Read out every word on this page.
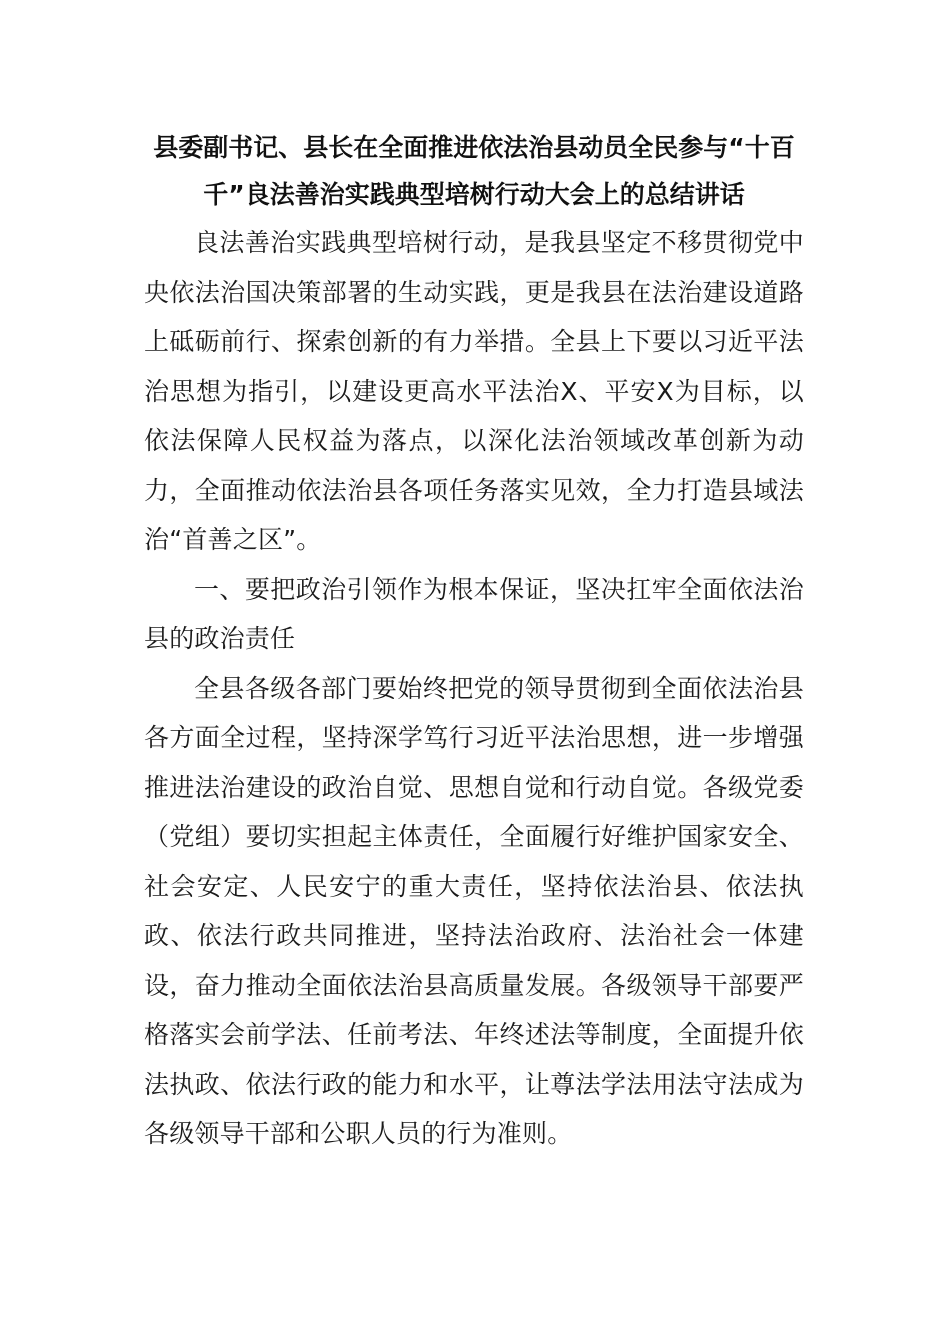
县委副书记、县长在全面推进依法治县动员全民参与“十百
千”良法善治实践典型培树行动大会上的总结讲话

良法善治实践典型培树行动，是我县坚定不移贯彻党中央依法治国决策部署的生动实践，更是我县在法治建设道路上砥砺前行、探索创新的有力举措。全县上下要以习近平法治思想为指引，以建设更高水平法治X、平安X为目标，以依法保障人民权益为落点，以深化法治领域改革创新为动力，全面推动依法治县各项任务落实见效，全力打造县域法治“首善之区”。

一、要把政治引领作为根本保证，坚决扛牢全面依法治县的政治责任

全县各级各部门要始终把党的领导贯彻到全面依法治县各方面全过程，坚持深学笃行习近平法治思想，进一步增强推进法治建设的政治自觉、思想自觉和行动自觉。各级党委（党组）要切实担起主体责任，全面履行好维护国家安全、社会安定、人民安宁的重大责任，坚持依法治县、依法执政、依法行政共同推进，坚持法治政府、法治社会一体建设，奋力推动全面依法治县高质量发展。各级领导干部要严格落实会前学法、任前考法、年终述法等制度，全面提升依法执政、依法行政的能力和水平，让尊法学法用法守法成为各级领导干部和公职人员的行为准则。
